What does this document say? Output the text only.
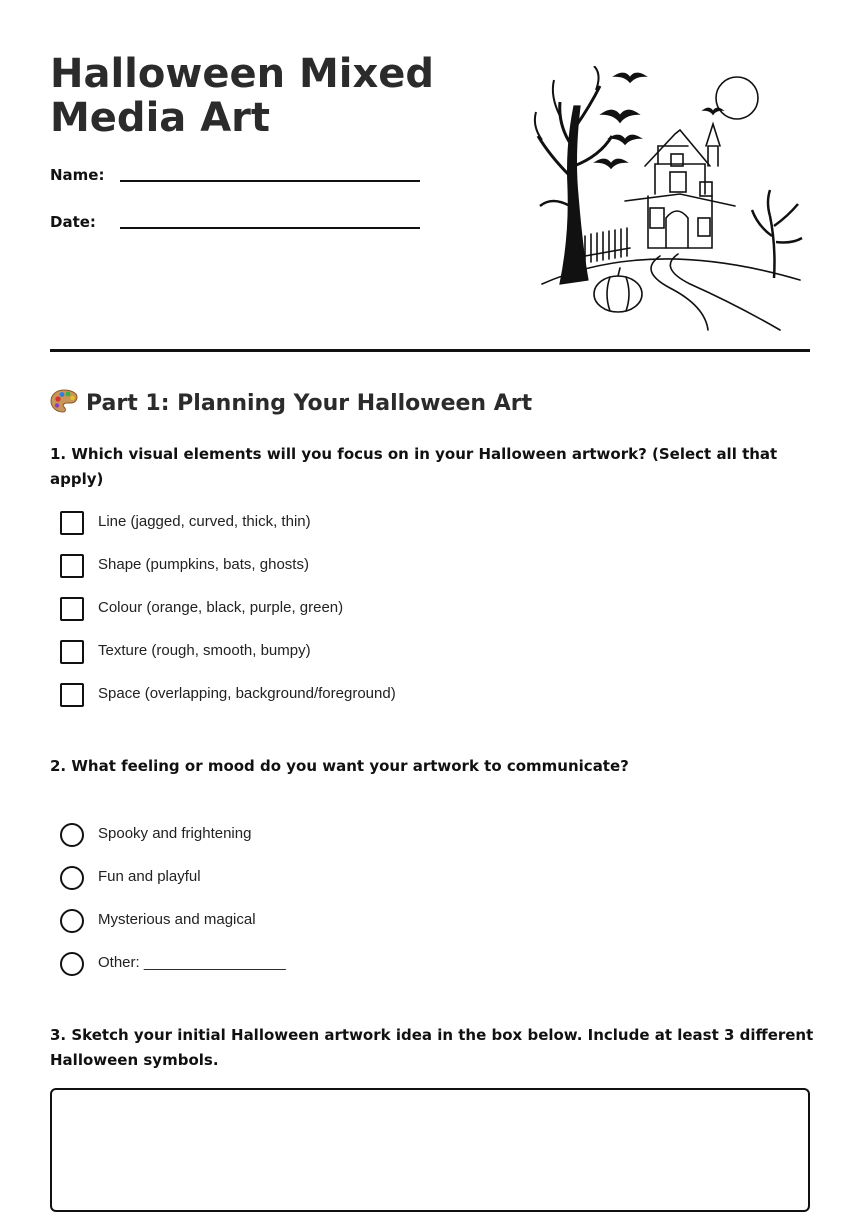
Halloween Mixed Media Art
Name:
Date:
Part 1: Planning Your Halloween Art
1. Which visual elements will you focus on in your Halloween artwork? (Select all that apply)
Line (jagged, curved, thick, thin)
Shape (pumpkins, bats, ghosts)
Colour (orange, black, purple, green)
Texture (rough, smooth, bumpy)
Space (overlapping, background/foreground)
2. What feeling or mood do you want your artwork to communicate?
Spooky and frightening
Fun and playful
Mysterious and magical
Other: _________________
3. Sketch your initial Halloween artwork idea in the box below. Include at least 3 different Halloween symbols.
